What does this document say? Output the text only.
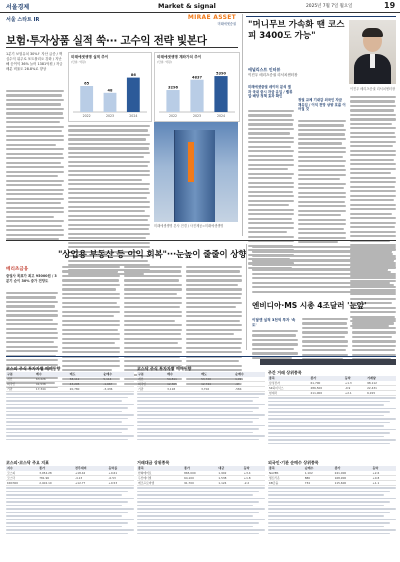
서울경제	Market & signal	2025년 7월 7일 월요일	19
서울 스타트 IR	MIRAE ASSET
미래에셋증권
보험·투자상품 실적 쑥··· 고수익 전략 빛본다
1분기 보험유치 30%↑ 자산 급증 / 핵심수익 위주로 포트폴리오 강화 / 지난해 순이익 36% 늘어 1381억원 / 자금배분 비율도 28.8%로 향상
미래에셋생명 실적 추이
(단위: 억원)
65
2022
48
2023
86
2024
미래에셋생명 계좌가치 추이
(단위: 억원)
3296
2022
4837
2023
5390
2024
미래에셋생명 본사 전경 / 사진제공=미래에셋생명
"머니무브 가속화 땐 코스피 3400도 가능"
애널리스트 인터뷰
이진우 메리츠증권 리서치센터장
이진우 메리츠증권 리서치센터장
미래에셋증권 데이터 분석 결과 국내 증시 자금 유입 / 밸류업·배당 정책 효과 확인
정권 교체 기대감 외국인 자금 재유입 / 이익 전망 상향 흐름 이어질 것
"상업용 부동산 등 이익 회복"···눈높이 줄줄이 상향
메리츠금융
증권사 목표가 최고 95000원 / 3분기 순이 30% 증가 전망도
엔비디아·MS 시총 4조달러 '눈앞'
이달엔 실적 3천억 투자 '속도'
코스피 주식 투자자별 매매동향
구분	매수	매도	순매수
개인	63,226	58,112	5,114
외국인	41,538	43,205	-1,667
기관	17,344	20,780	-3,436
코스닥 주식 투자자별 매매동향
구분	매수	매도	순매수
개인	54,811	53,720	1,091
외국인	12,305	12,744	-439
기관	3,118	3,702	-584
주간 거래 상위종목
종목	종가	등락	거래량
삼성전자	61,700	+1.3	98,112
SK하이닉스	286,500	-0.9	22,431
현대차	211,000	+2.1	6,915
코스피·코스닥 주요 지표
지수	종가	전주대비	등락률
코스피	3,054.28	+18.42	+0.61
코스닥	781.96	-4.13	-0.53
KRX300	2,402.10	+12.77	+0.53
거래대금 상위종목
종목	종가	대금	등락
한화에어로	865,000	1,902	+3.4
두산에너빌	64,100	1,538	+1.8
에코프로비엠	91,700	1,124	-2.2
외국인·기관 순매수 상위종목
종목	순매수	종가	등락
NAVER	1,102	241,000	+2.6
셀트리온	886	168,900	+0.8
KB금융	734	115,600	+1.1
